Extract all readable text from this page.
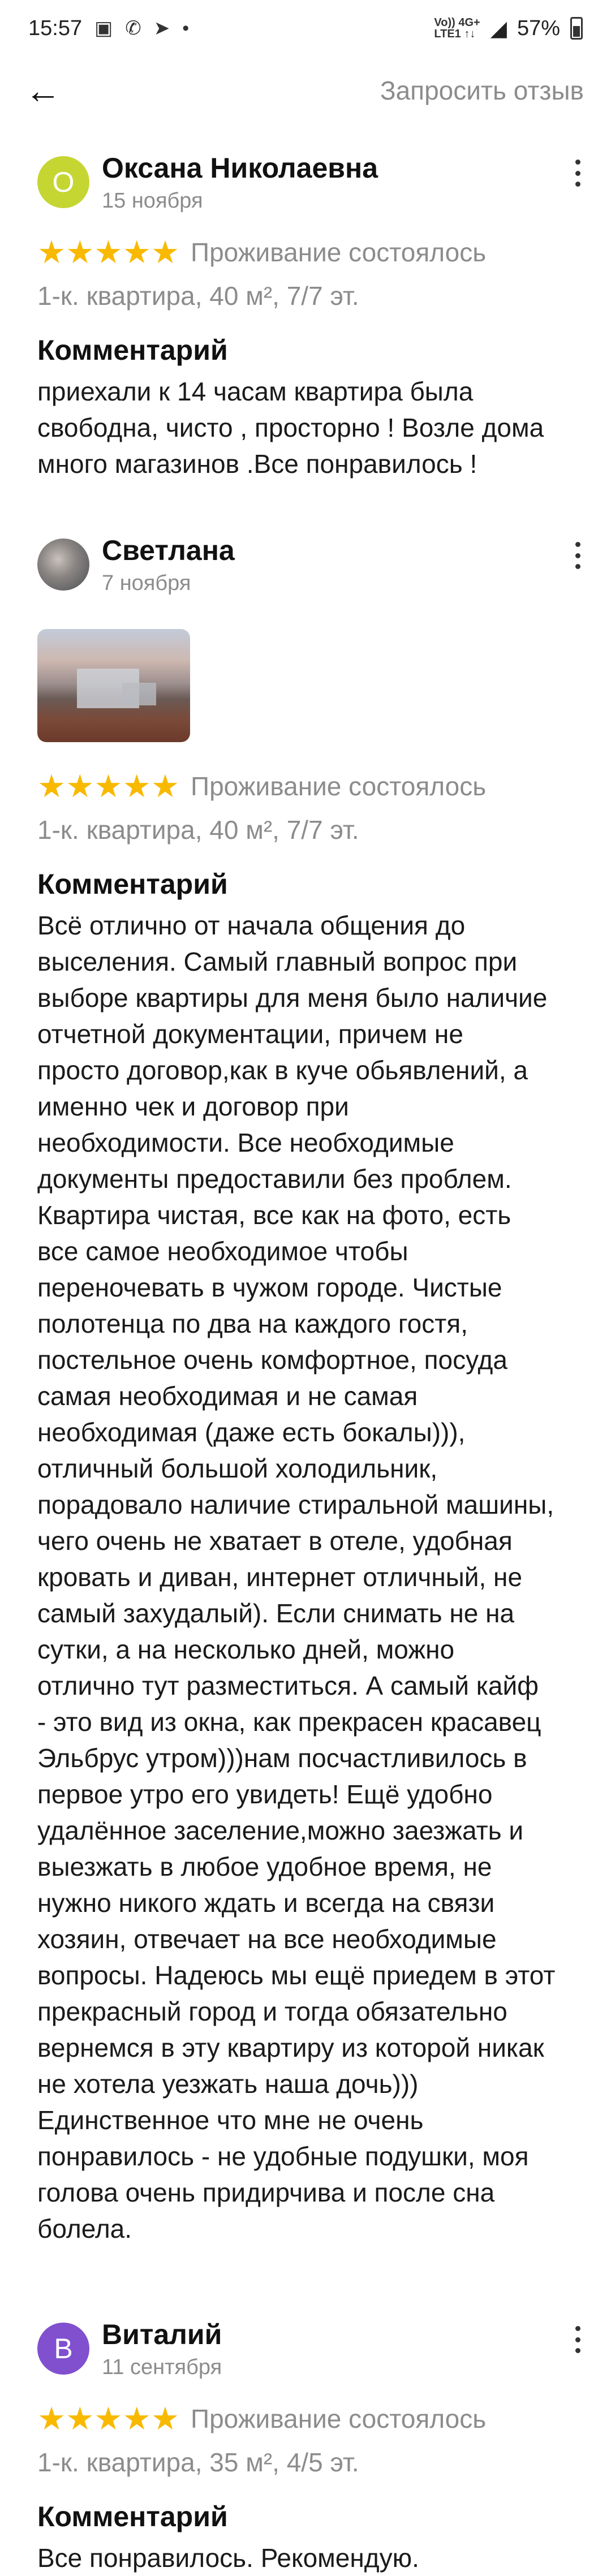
15:57 ▣ ✆ ➤ •	Vo)) 4G+
LTE1 ↑↓ ◢ 57%
←	Запросить отзыв
О Оксана Николаевна
15 ноября
★★★★★ Проживание состоялось
1-к. квартира, 40 м², 7/7 эт.
Комментарий
приехали к 14 часам квартира была
свободна, чисто , просторно ! Возле дома
много магазинов .Все понравилось !
Светлана
7 ноября
★★★★★ Проживание состоялось
1-к. квартира, 40 м², 7/7 эт.
Комментарий
Всё отлично от начала общения до
выселения. Самый главный вопрос при
выборе квартиры для меня было наличие
отчетной документации, причем не
просто договор,как в куче обьявлений, а
именно чек и договор при
необходимости. Все необходимые
документы предоставили без проблем.
Квартира чистая, все как на фото, есть
все самое необходимое чтобы
переночевать в чужом городе. Чистые
полотенца по два на каждого гостя,
постельное очень комфортное, посуда
самая необходимая и не самая
необходимая (даже есть бокалы))),
отличный большой холодильник,
порадовало наличие стиральной машины,
чего очень не хватает в отеле, удобная
кровать и диван, интернет отличный, не
самый захудалый). Если снимать не на
сутки, а на несколько дней, можно
отлично тут разместиться. А самый кайф
- это вид из окна, как прекрасен красавец
Эльбрус утром)))нам посчастливилось в
первое утро его увидеть! Ещё удобно
удалённое заселение,можно заезжать и
выезжать в любое удобное время, не
нужно никого ждать и всегда на связи
хозяин, отвечает на все необходимые
вопросы. Надеюсь мы ещё приедем в этот
прекрасный город и тогда обязательно
вернемся в эту квартиру из которой никак
не хотела уезжать наша дочь)))
Единственное что мне не очень
понравилось - не удобные подушки, моя
голова очень придирчива и после сна
болела.
В	Виталий
11 сентября
★★★★★ Проживание состоялось
1-к. квартира, 35 м², 4/5 эт.
Комментарий
Все понравилось. Рекомендую.
